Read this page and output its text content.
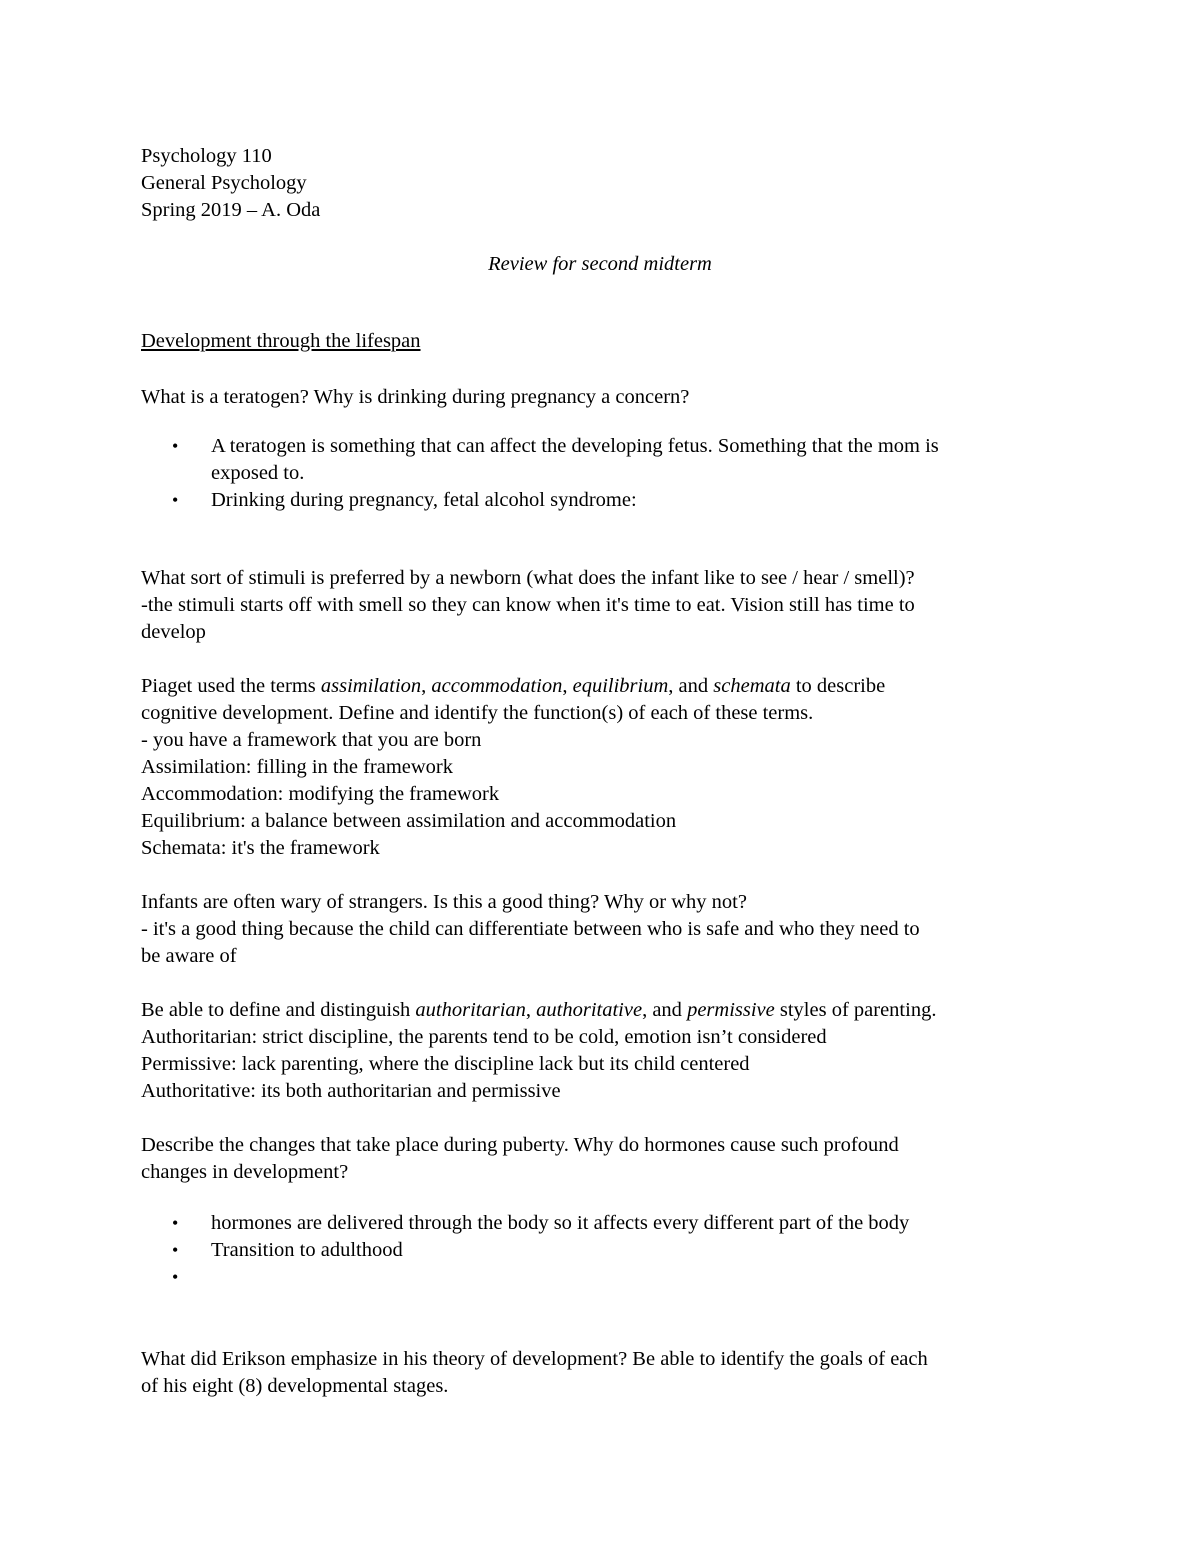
Psychology 110
General Psychology
Spring 2019 – A. Oda
Review for second midterm
Development through the lifespan
What is a teratogen? Why is drinking during pregnancy a concern?
• A teratogen is something that can affect the developing fetus. Something that the mom is
exposed to.
• Drinking during pregnancy, fetal alcohol syndrome:
What sort of stimuli is preferred by a newborn (what does the infant like to see / hear / smell)?
-the stimuli starts off with smell so they can know when it's time to eat. Vision still has time to
develop
Piaget used the terms assimilation, accommodation, equilibrium, and schemata to describe
cognitive development. Define and identify the function(s) of each of these terms.
- you have a framework that you are born
Assimilation: filling in the framework
Accommodation: modifying the framework
Equilibrium: a balance between assimilation and accommodation
Schemata: it's the framework
Infants are often wary of strangers. Is this a good thing? Why or why not?
- it's a good thing because the child can differentiate between who is safe and who they need to
be aware of
Be able to define and distinguish authoritarian, authoritative, and permissive styles of parenting.
Authoritarian: strict discipline, the parents tend to be cold, emotion isn’t considered
Permissive: lack parenting, where the discipline lack but its child centered
Authoritative: its both authoritarian and permissive
Describe the changes that take place during puberty. Why do hormones cause such profound
changes in development?
• hormones are delivered through the body so it affects every different part of the body
• Transition to adulthood
•
What did Erikson emphasize in his theory of development? Be able to identify the goals of each
of his eight (8) developmental stages.
